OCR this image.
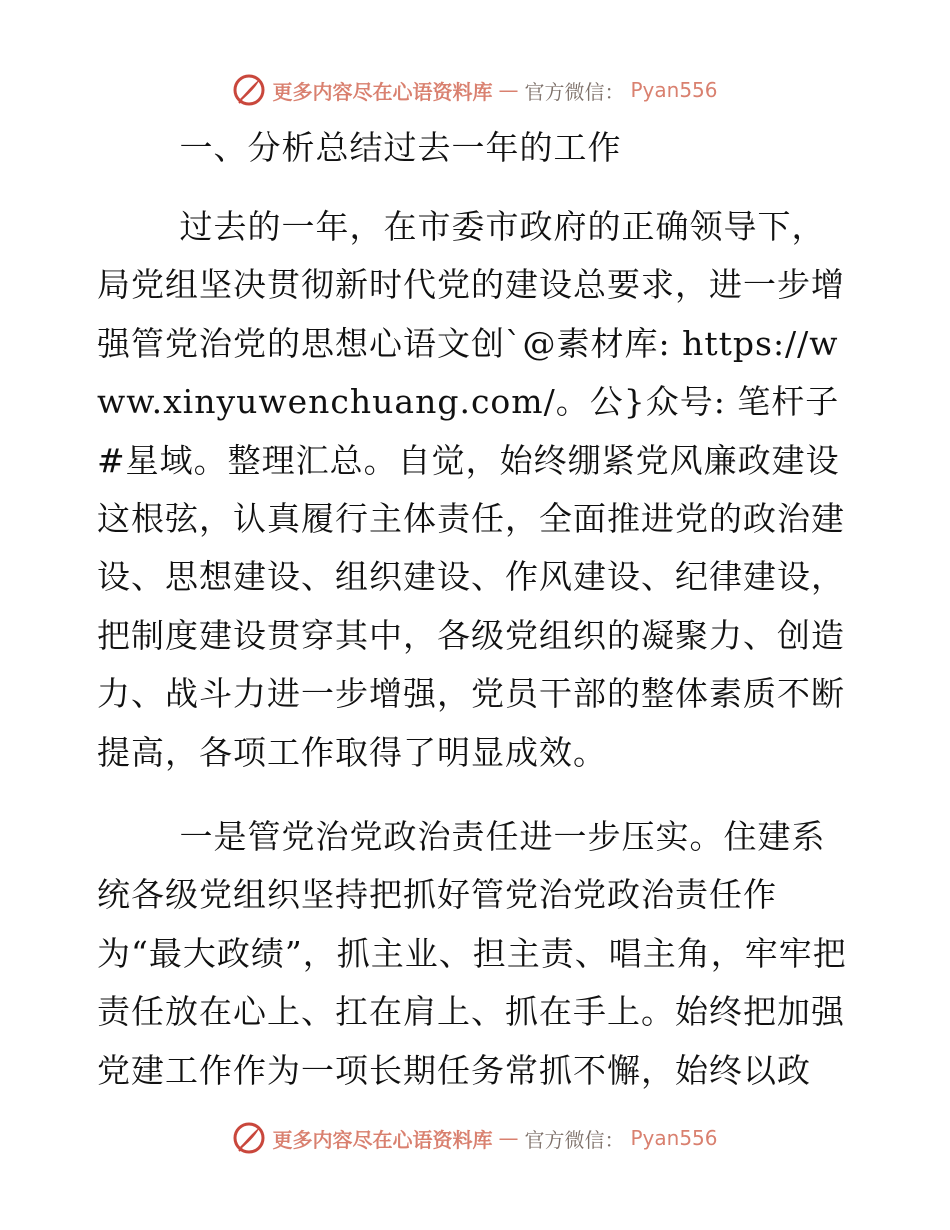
更多内容尽在心语资料库 — 官方微信： Pyan556
一、分析总结过去一年的工作

过去的一年，在市委市政府的正确领导下，局党组坚决贯彻新时代党的建设总要求，进一步增强管党治党的思想心语文创`@素材库: https://www.xinyuwenchuang.com/。公}众号: 笔杆子#星域。整理汇总。自觉，始终绷紧党风廉政建设这根弦，认真履行主体责任，全面推进党的政治建设、思想建设、组织建设、作风建设、纪律建设，把制度建设贯穿其中，各级党组织的凝聚力、创造力、战斗力进一步增强，党员干部的整体素质不断提高，各项工作取得了明显成效。

一是管党治党政治责任进一步压实。住建系统各级党组织坚持把抓好管党治党政治责任作为“最大政绩”，抓主业、担主责、唱主角，牢牢把责任放在心上、扛在肩上、抓在手上。始终把加强党建工作作为一项长期任务常抓不懈，始终以政

更多内容尽在心语资料库 — 官方微信： Pyan556
